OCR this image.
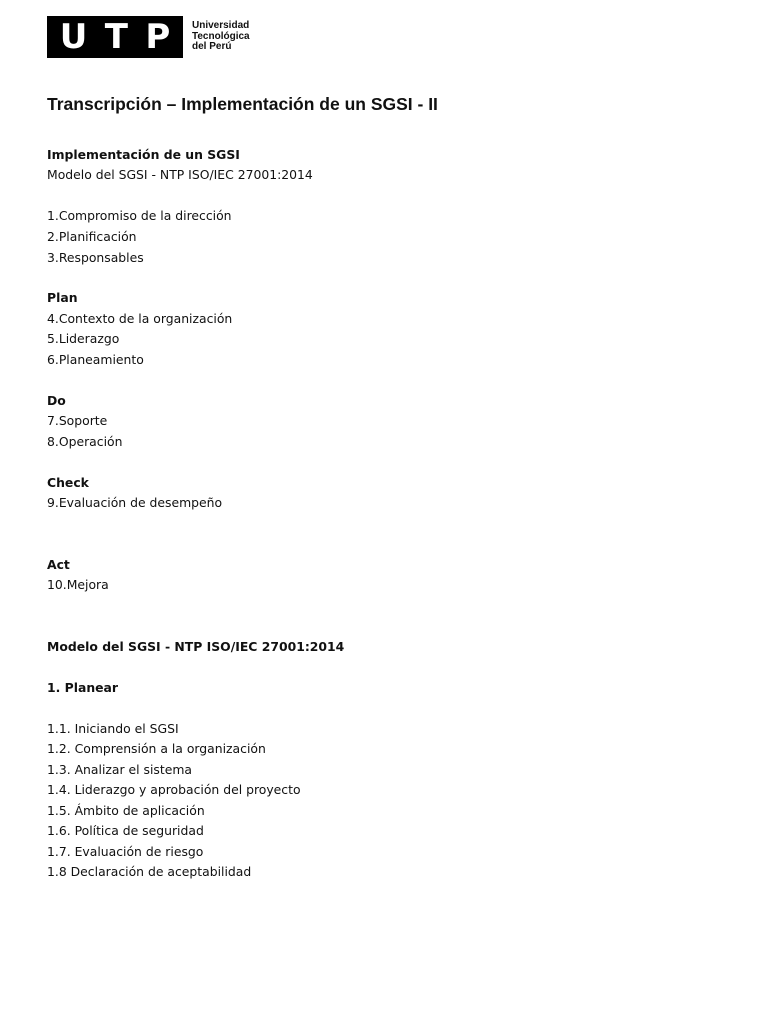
U T P Universidad
Tecnológica
del Perú
Transcripción – Implementación de un SGSI - II
Implementación de un SGSI
Modelo del SGSI - NTP ISO/IEC 27001:2014
1.Compromiso de la dirección
2.Planificación
3.Responsables
Plan
4.Contexto de la organización
5.Liderazgo
6.Planeamiento
Do
7.Soporte
8.Operación
Check
9.Evaluación de desempeño
Act
10.Mejora
Modelo del SGSI - NTP ISO/IEC 27001:2014
1. Planear
1.1. Iniciando el SGSI
1.2. Comprensión a la organización
1.3. Analizar el sistema
1.4. Liderazgo y aprobación del proyecto
1.5. Ámbito de aplicación
1.6. Política de seguridad
1.7. Evaluación de riesgo
1.8 Declaración de aceptabilidad
